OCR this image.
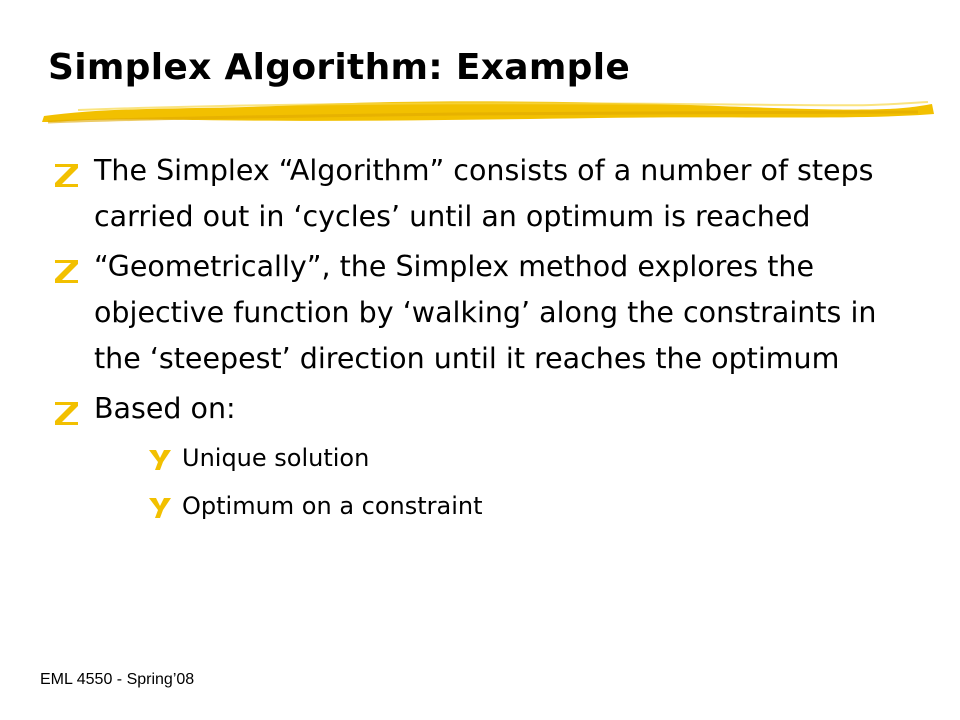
Simplex Algorithm: Example
The Simplex “Algorithm” consists of a number of steps carried out in ‘cycles’ until an optimum is reached
“Geometrically”, the Simplex method explores the objective function by ‘walking’ along the constraints in the ‘steepest’ direction until it reaches the optimum
Based on:
Unique solution
Optimum on a constraint
EML 4550 - Spring’08
